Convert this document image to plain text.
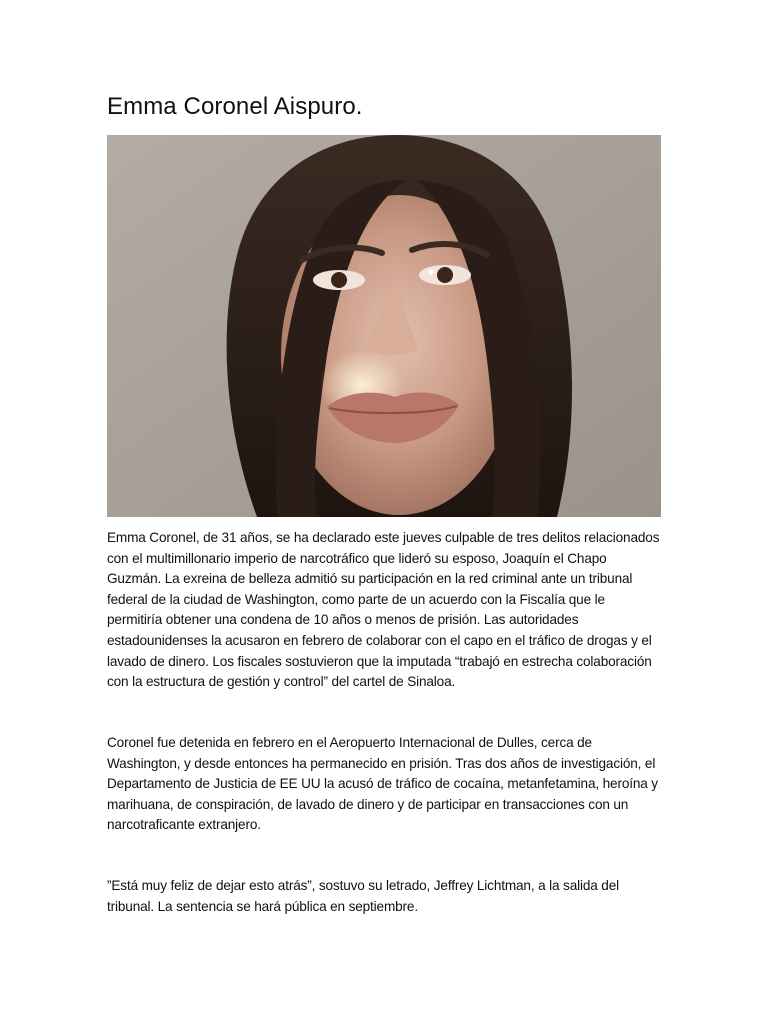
Emma Coronel Aispuro.

Emma Coronel, de 31 años, se ha declarado este jueves culpable de tres delitos relacionados con el multimillonario imperio de narcotráfico que lideró su esposo, Joaquín el Chapo Guzmán. La exreina de belleza admitió su participación en la red criminal ante un tribunal federal de la ciudad de Washington, como parte de un acuerdo con la Fiscalía que le permitiría obtener una condena de 10 años o menos de prisión. Las autoridades estadounidenses la acusaron en febrero de colaborar con el capo en el tráfico de drogas y el lavado de dinero. Los fiscales sostuvieron que la imputada “trabajó en estrecha colaboración con la estructura de gestión y control” del cartel de Sinaloa.

Coronel fue detenida en febrero en el Aeropuerto Internacional de Dulles, cerca de Washington, y desde entonces ha permanecido en prisión. Tras dos años de investigación, el Departamento de Justicia de EE UU la acusó de tráfico de cocaína, metanfetamina, heroína y marihuana, de conspiración, de lavado de dinero y de participar en transacciones con un narcotraficante extranjero.

”Está muy feliz de dejar esto atrás”, sostuvo su letrado, Jeffrey Lichtman, a la salida del tribunal. La sentencia se hará pública en septiembre.
